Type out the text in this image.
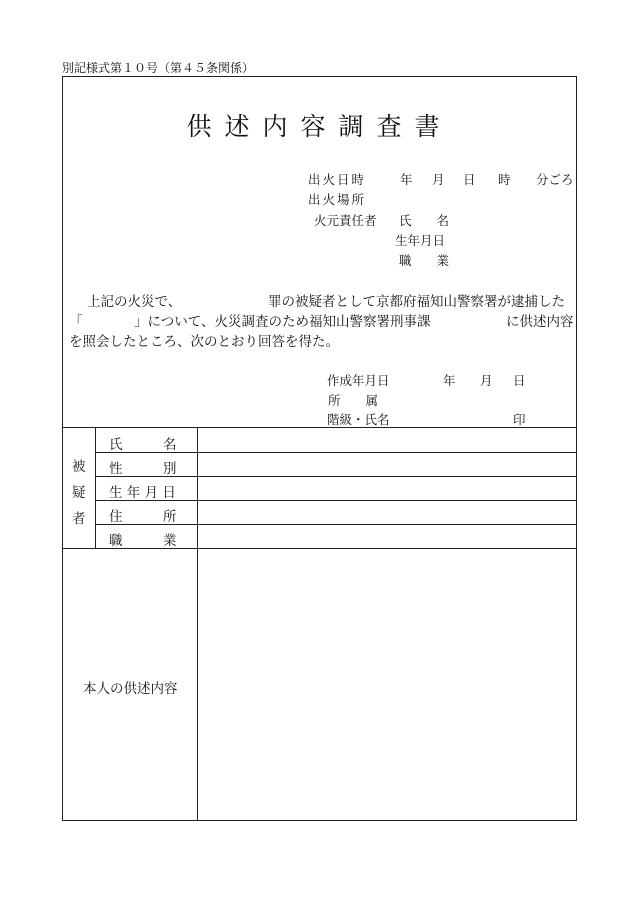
別記様式第１０号（第４５条関係）
供述内容調査書
出火日時	年 月 日 時 分ごろ
出火場所
火元責任者 氏　　名
生年月日
職　　業
上記の火災で、	罪の被疑者として京都府福知山警察署が逮捕した
「	」について、火災調査のため福知山警察署刑事課	に供述内容
を照会したところ、次のとおり回答を得た。
作成年月日	年 月 日
所　　属
階級・氏名	印
被
疑
者
氏　　　名
性　　　別
生 年 月 日
住　　　所
職　　　業
本人の供述内容
